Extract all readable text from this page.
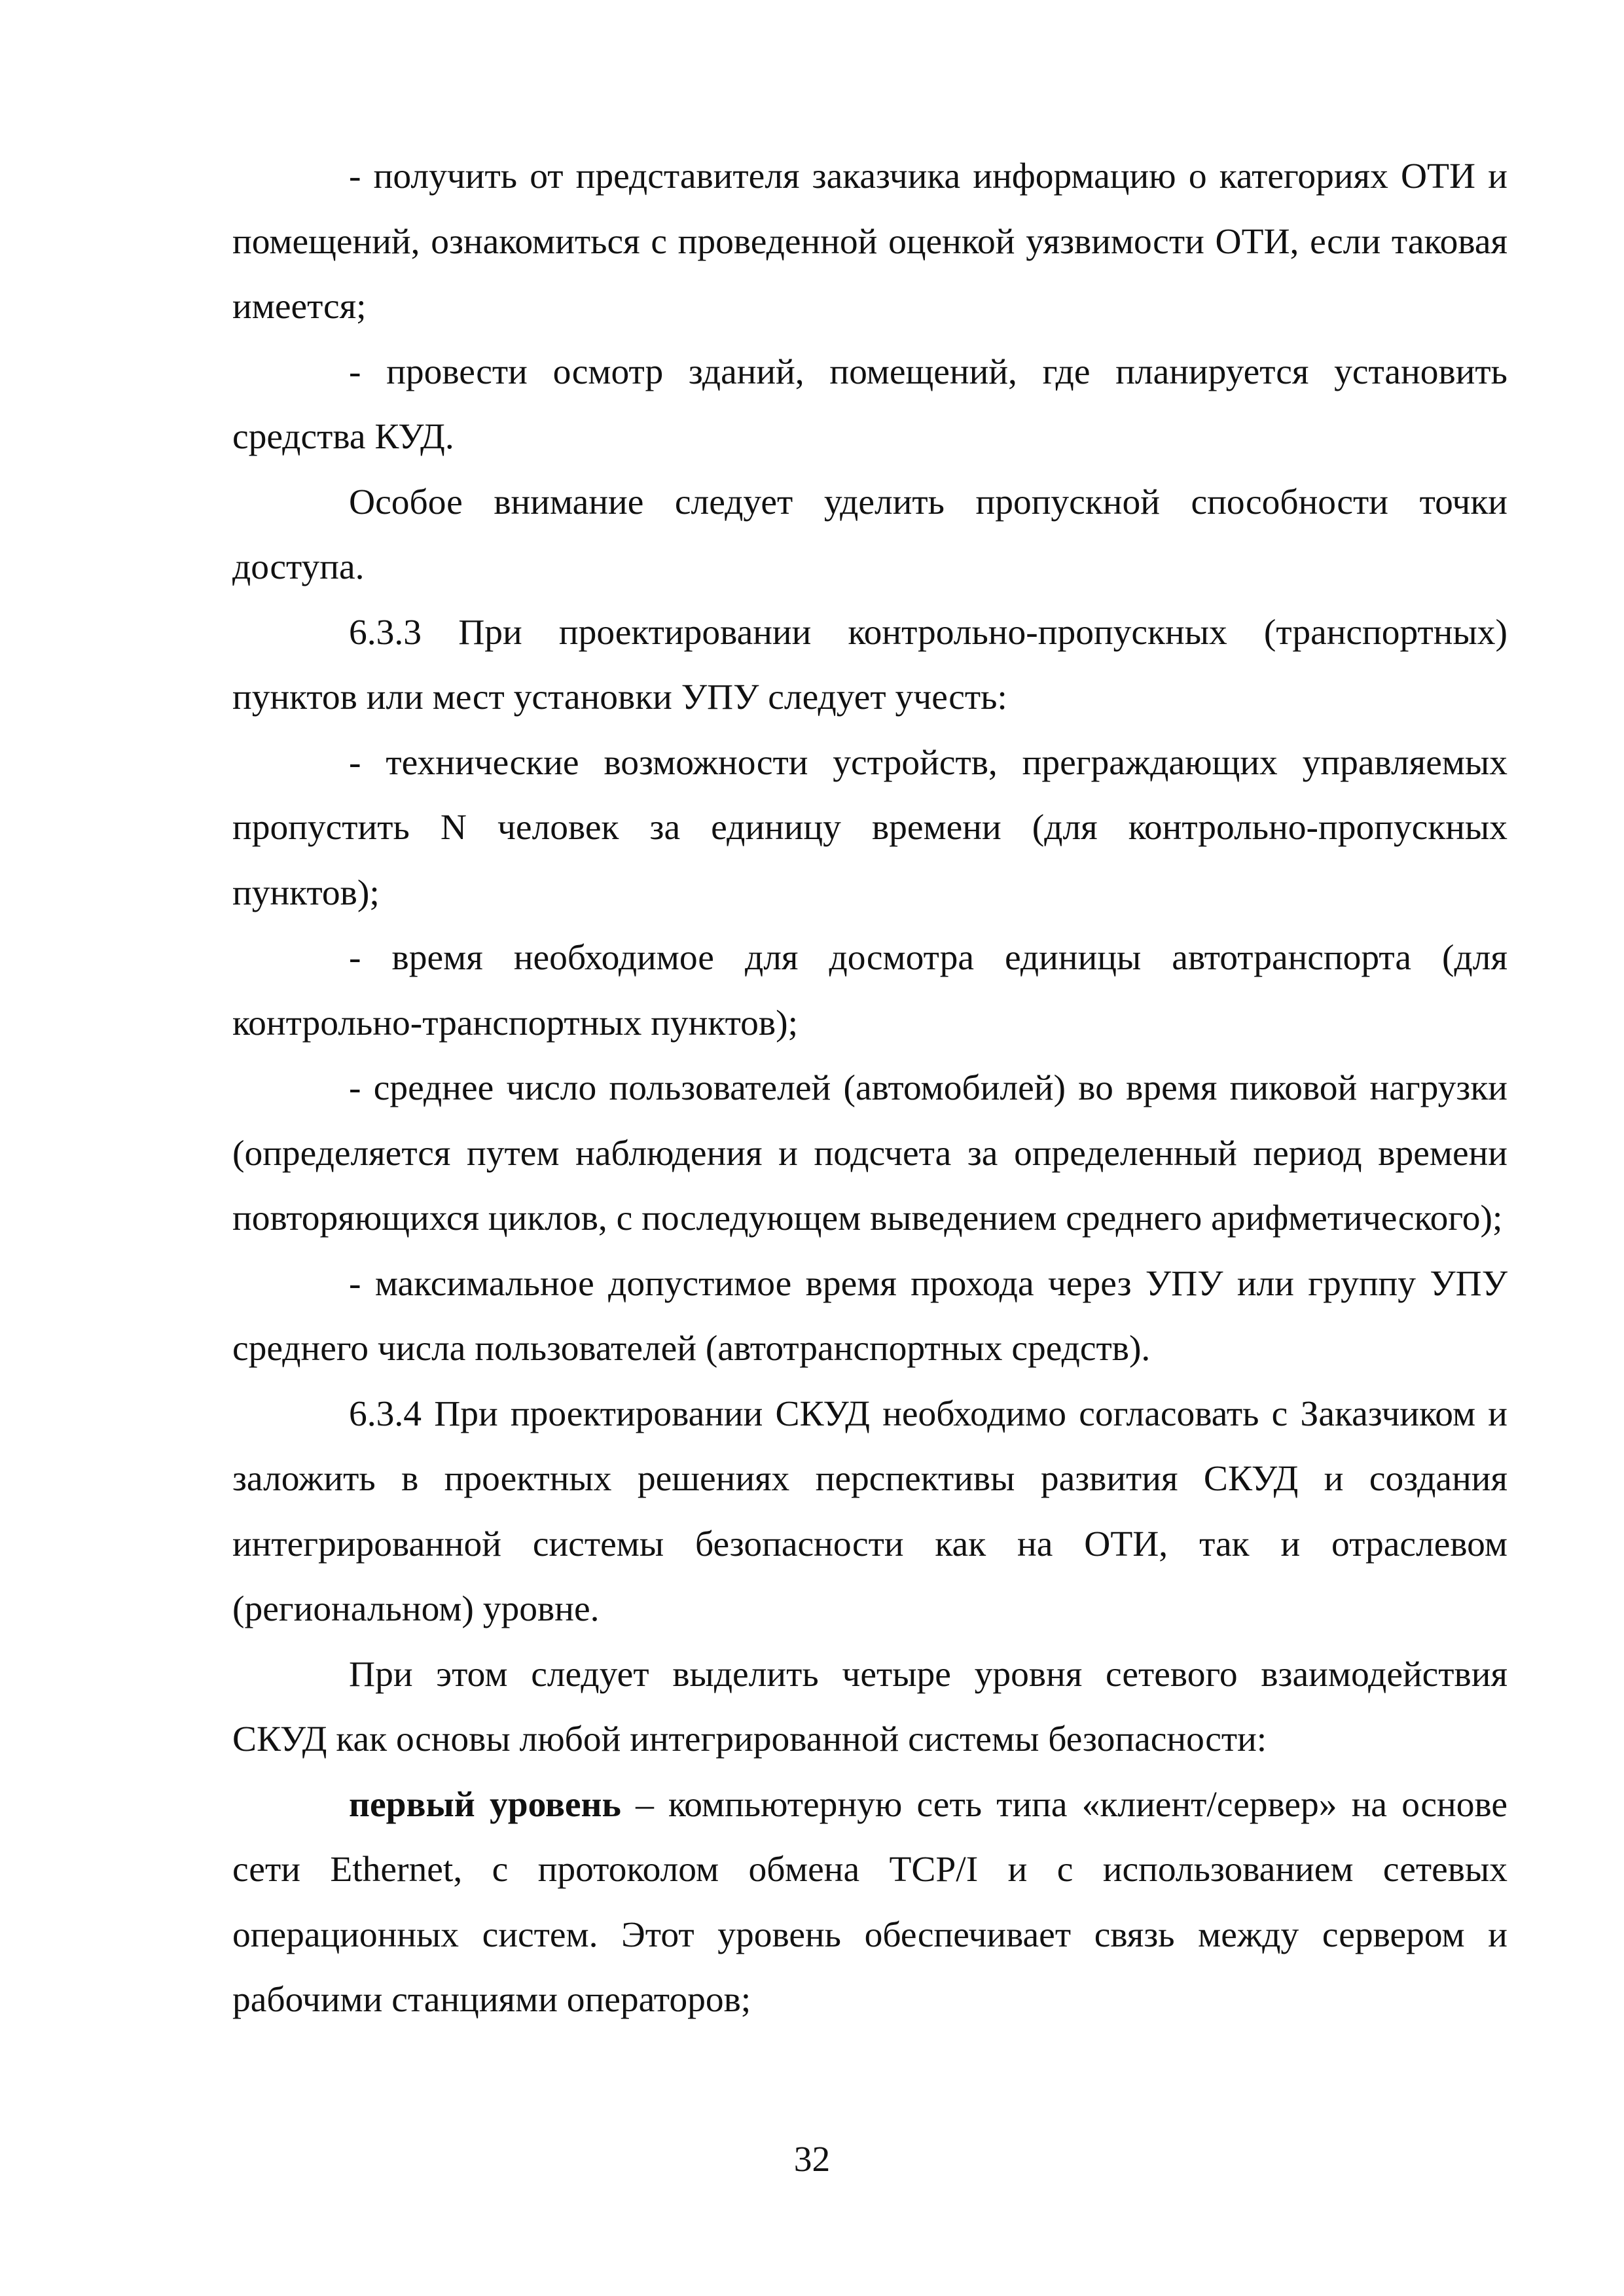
- получить от представителя заказчика информацию о категориях ОТИ и помещений, ознакомиться с проведенной оценкой уязвимости ОТИ, если таковая имеется;

- провести осмотр зданий, помещений, где планируется установить средства КУД.

Особое внимание следует уделить пропускной способности точки доступа.

6.3.3 При проектировании контрольно-пропускных (транспортных) пунктов или мест установки УПУ следует учесть:

- технические возможности устройств, преграждающих управляемых пропустить N человек за единицу времени (для контрольно-пропускных пунктов);

- время необходимое для досмотра единицы автотранспорта (для контрольно-транспортных пунктов);

- среднее число пользователей (автомобилей) во время пиковой нагрузки (определяется путем наблюдения и подсчета за определенный период времени повторяющихся циклов, с последующем выведением среднего арифметического);

- максимальное допустимое время прохода через УПУ или группу УПУ среднего числа пользователей (автотранспортных средств).

6.3.4 При проектировании СКУД необходимо согласовать с Заказчиком и заложить в проектных решениях перспективы развития СКУД и создания интегрированной системы безопасности как на ОТИ, так и отраслевом (региональном) уровне.

При этом следует выделить четыре уровня сетевого взаимодействия СКУД как основы любой интегрированной системы безопасности:

первый уровень – компьютерную сеть типа «клиент/сервер» на основе сети Ethernet, с протоколом обмена TCP/I и с использованием сетевых операционных систем. Этот уровень обеспечивает связь между сервером и рабочими станциями операторов;

32
